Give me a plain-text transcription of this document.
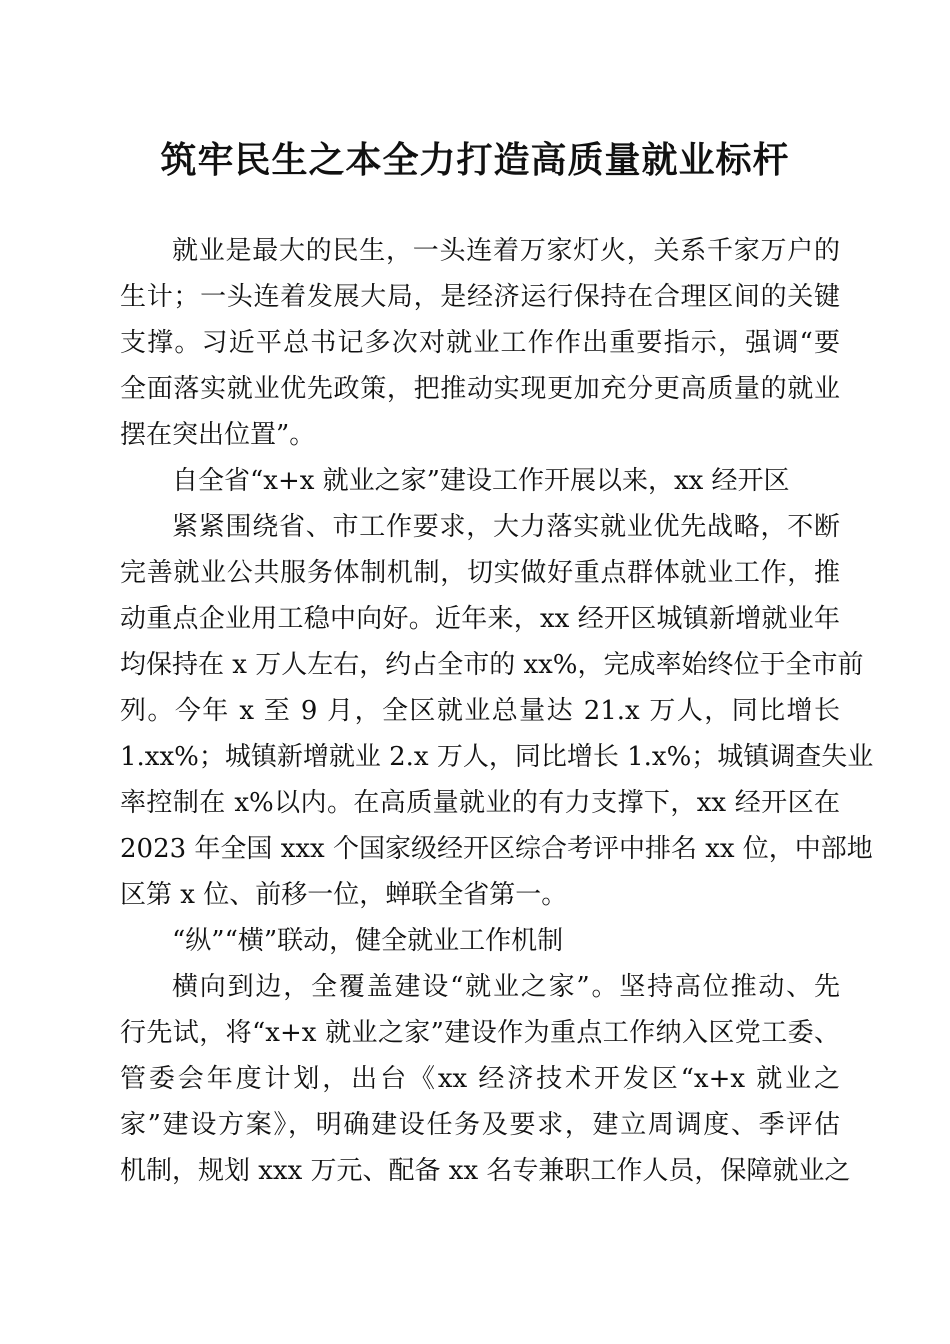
筑牢民生之本全力打造高质量就业标杆
就业是最大的民生，一头连着万家灯火，关系千家万户的
生计；一头连着发展大局，是经济运行保持在合理区间的关键
支撑。习近平总书记多次对就业工作作出重要指示，强调“要
全面落实就业优先政策，把推动实现更加充分更高质量的就业
摆在突出位置”。
自全省“x+x 就业之家”建设工作开展以来，xx 经开区
紧紧围绕省、市工作要求，大力落实就业优先战略，不断
完善就业公共服务体制机制，切实做好重点群体就业工作，推
动重点企业用工稳中向好。近年来，xx 经开区城镇新增就业年
均保持在 x 万人左右，约占全市的 xx%，完成率始终位于全市前
列。今年 x 至 9 月，全区就业总量达 21.x 万人，同比增长
1.xx%；城镇新增就业 2.x 万人，同比增长 1.x%；城镇调查失业
率控制在 x%以内。在高质量就业的有力支撑下，xx 经开区在
2023 年全国 xxx 个国家级经开区综合考评中排名 xx 位，中部地
区第 x 位、前移一位，蝉联全省第一。
“纵”“横”联动，健全就业工作机制
横向到边，全覆盖建设“就业之家”。坚持高位推动、先
行先试，将“x+x 就业之家”建设作为重点工作纳入区党工委、
管委会年度计划，出台《xx 经济技术开发区“x+x 就业之
家”建设方案》，明确建设任务及要求，建立周调度、季评估
机制，规划 xxx 万元、配备 xx 名专兼职工作人员，保障就业之
